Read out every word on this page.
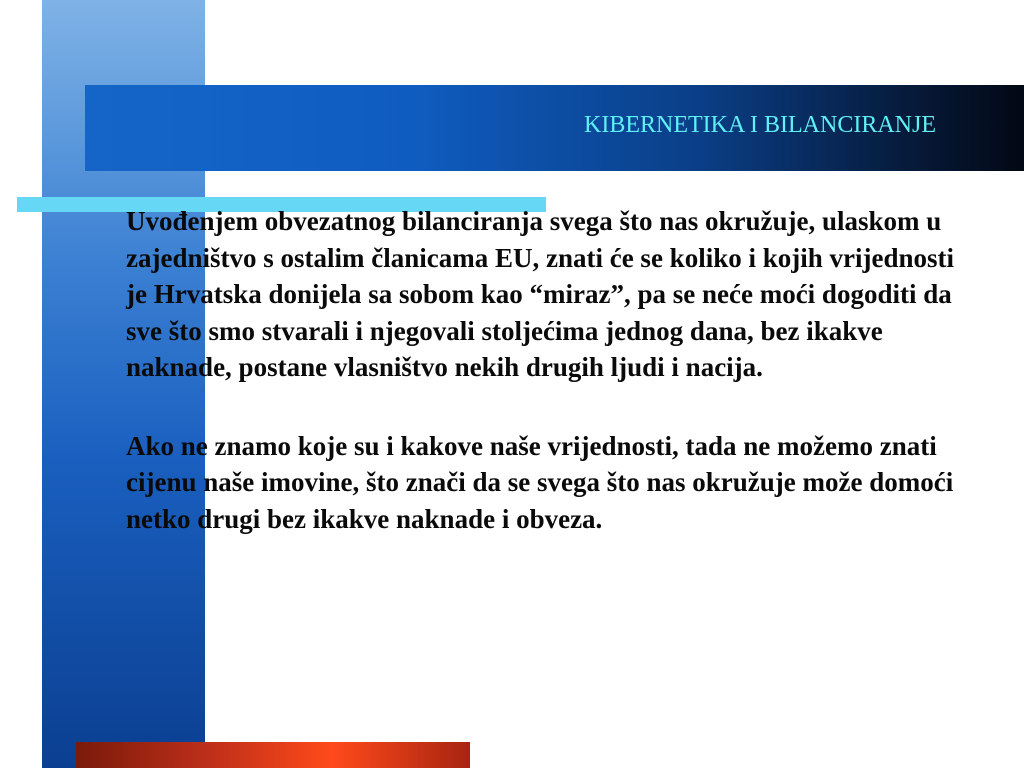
KIBERNETIKA I BILANCIRANJE

Uvođenjem obvezatnog bilanciranja svega što nas okružuje, ulaskom u zajedništvo s ostalim članicama EU, znati će se koliko i kojih vrijednosti je Hrvatska donijela sa sobom kao “miraz”, pa se neće moći dogoditi da sve što smo stvarali i njegovali stoljećima jednog dana, bez ikakve naknade, postane vlasništvo nekih drugih ljudi i nacija.

Ako ne znamo koje su i kakove naše vrijednosti, tada ne možemo znati cijenu naše imovine, što znači da se svega što nas okružuje može domoći netko drugi bez ikakve naknade i obveza.
